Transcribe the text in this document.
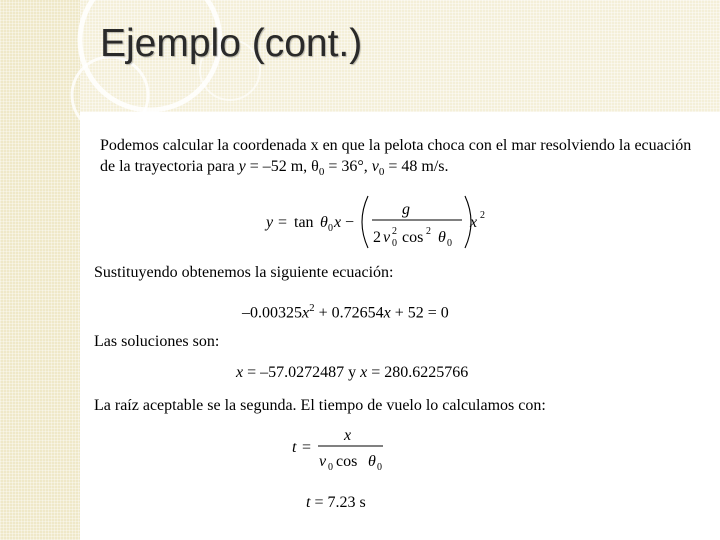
Ejemplo (cont.)

Podemos calcular la coordenada x en que la pelota choca con el mar resolviendo la ecuación de la trayectoria para y = –52 m, $\theta_0 = 36^\circ$, $v_0 = 48$ m/s.

y = tan θ 0 x −
g
2 v 0
2 cos 2 θ 0
x 2
Sustituyendo obtenemos la siguiente ecuación:
$-0.00325x^2 + 0.72654x + 52 = 0$
Las soluciones son:
x = –57.0272487 y x = 280.6225766
La raíz aceptable se la segunda. El tiempo de vuelo lo calculamos con:
t =
x
v 0 cos θ 0
t = 7.23 s
